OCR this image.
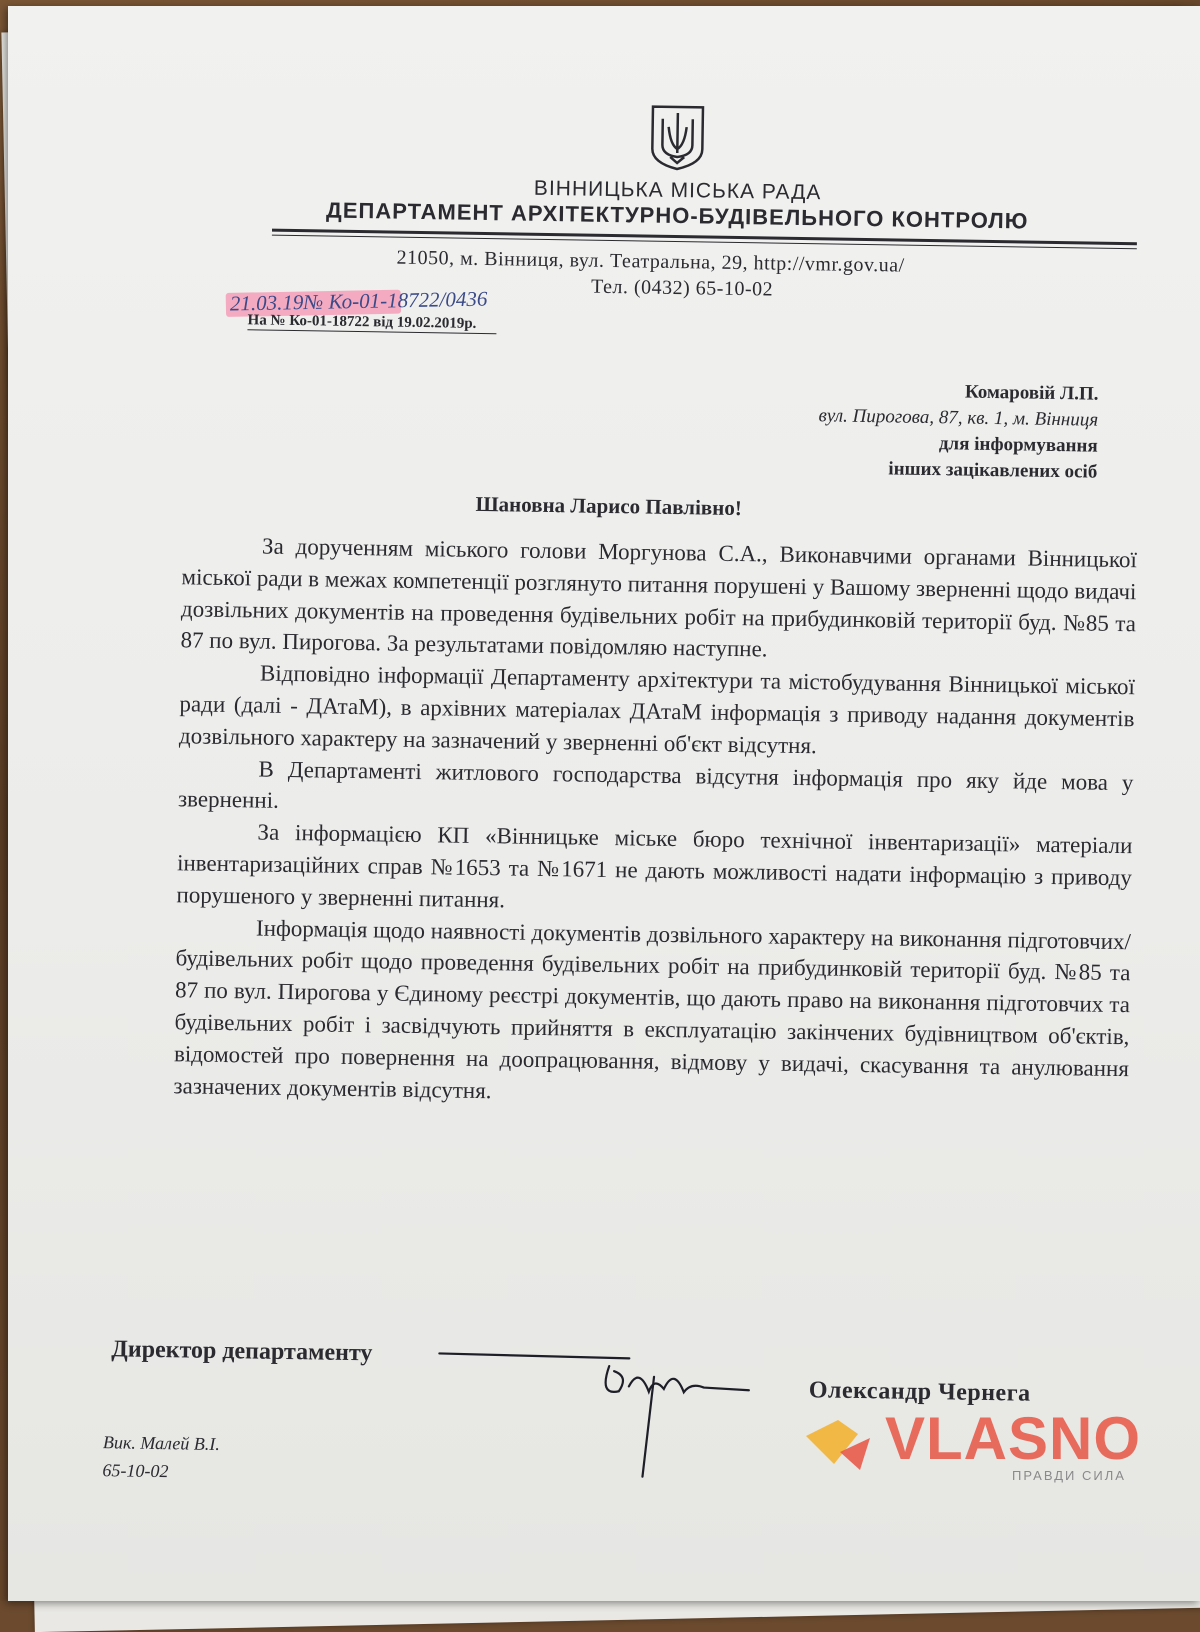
ВІННИЦЬКА МІСЬКА РАДА
ДЕПАРТАМЕНТ АРХІТЕКТУРНО-БУДІВЕЛЬНОГО КОНТРОЛЮ
21050, м. Вінниця, вул. Театральна, 29, http://vmr.gov.ua/
Тел. (0432) 65-10-02
21.03.19№ Ко-01-18722/0436
На № Ко-01-18722 від 19.02.2019р.
Комаровій Л.П.
вул. Пирогова, 87, кв. 1, м. Вінниця
для інформування
інших зацікавлених осіб
Шановна Ларисо Павлівно!

За дорученням міського голови Моргунова С.А., Виконавчими органами Вінницької міської ради в межах компетенції розглянуто питання порушені у Вашому зверненні щодо видачі дозвільних документів на проведення будівельних робіт на прибудинковій території буд. №85 та 87 по вул. Пирогова. За результатами повідомляю наступне.

Відповідно інформації Департаменту архітектури та містобудування Вінницької міської ради (далі - ДАтаМ), в архівних матеріалах ДАтаМ інформація з приводу надання документів дозвільного характеру на зазначений у зверненні об'єкт відсутня.

В Департаменті житлового господарства відсутня інформація про яку йде мова у зверненні.

За інформацією КП «Вінницьке міське бюро технічної інвентаризації» матеріали інвентаризаційних справ №1653 та №1671 не дають можливості надати інформацію з приводу порушеного у зверненні питання.

Інформація щодо наявності документів дозвільного характеру на виконання підготовчих/будівельних робіт щодо проведення будівельних робіт на прибудинковій території буд. №85 та 87 по вул. Пирогова у Єдиному реєстрі документів, що дають право на виконання підготовчих та будівельних робіт і засвідчують прийняття в експлуатацію закінчених будівництвом об'єктів, відомостей про повернення на доопрацювання, відмову у видачі, скасування та анулювання зазначених документів відсутня.

Директор департаменту
Олександр Чернега
Вик. Малей В.І.
65-10-02	VLASNO
ПРАВДИ СИЛА
